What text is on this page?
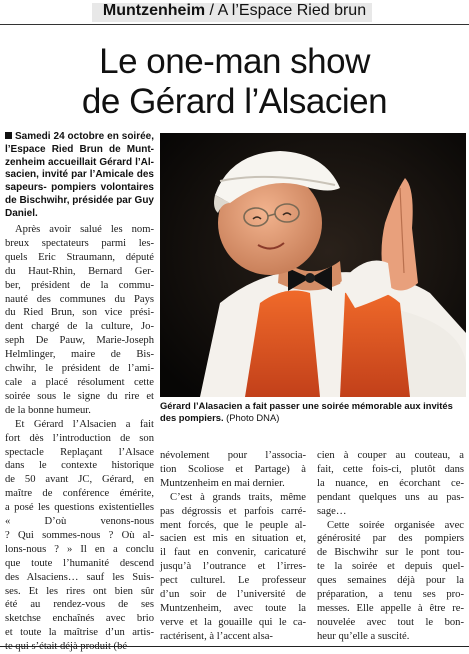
Muntzenheim / A l’Espace Ried brun
Le one-man show
de Gérard l’Alsacien
Samedi 24 octobre en soirée,
l’Espace Ried Brun de Munt-
zenheim accueillait Gérard l’Al-
sacien, invité par l’Amicale des
sapeurs- pompiers volontaires
de Bischwihr, présidée par Guy
Daniel.
Après avoir salué les nom-
breux spectateurs parmi les-
quels Eric Straumann, député
du Haut-Rhin, Bernard Ger-
ber, président de la commu-
nauté des communes du Pays
du Ried Brun, son vice prési-
dent chargé de la culture, Jo-
seph De Pauw, Marie-Joseph
Helmlinger, maire de Bis-
chwihr, le président de l’ami-
cale a placé résolument cette
soirée sous le signe du rire et
de la bonne humeur.
Et Gérard l’Alsacien a fait
fort dès l’introduction de son
spectacle Replaçant l’Alsace
dans le contexte historique
de 50 avant JC, Gérard, en
maître de conférence émérite,
a posé les questions existentielles
« D’où venons-nous
? Qui sommes-nous ? Où al-
lons-nous ? » Il en a conclu
que toute l’humanité descend
des Alsaciens… sauf les Suis-
ses. Et les rires ont bien sûr
été au rendez-vous de ses
sketchse enchaînés avec brio
et toute la maîtrise d’un artis-
Gérard l’Alasacien a fait passer une soirée mémorable aux invités des pompiers. (Photo DNA)
névolement pour l’associa-
tion Scoliose et Partage) à
Muntzenheim en mai dernier.
C’est à grands traits, même
pas dégrossis et parfois carré-
ment forcés, que le peuple al-
sacien est mis en situation et,
il faut en convenir, caricaturé
jusqu’à l’outrance et l’irres-
pect culturel. Le professeur
d’un soir de l’université de
Muntzenheim, avec toute la
verve et la gouaille qui le ca-
ractérisent, à l’accent alsa-
cien à couper au couteau, a
fait, cette fois-ci, plutôt dans
la nuance, en écorchant ce-
pendant quelques uns au pas-
sage…
Cette soirée organisée avec
générosité par des pompiers
de Bischwihr sur le pont tou-
te la soirée et depuis quel-
ques semaines déjà pour la
préparation, a tenu ses pro-
messes. Elle appelle à être re-
nouvelée avec tout le bon-
heur qu’elle a suscité.
